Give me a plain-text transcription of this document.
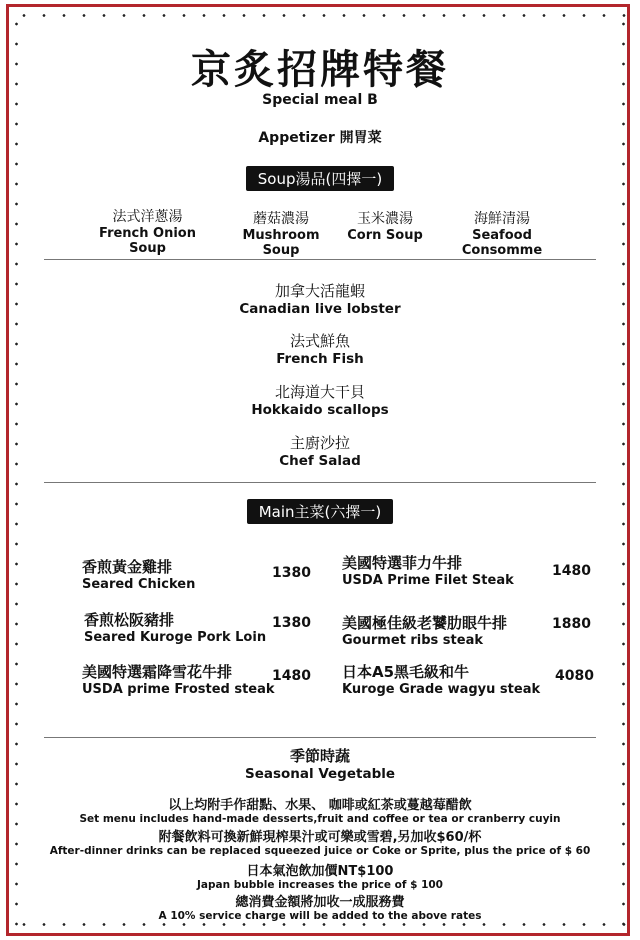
京炙招牌特餐
Special meal B
Appetizer 開胃菜
Soup湯品(四擇一)
法式洋蔥湯
French Onion Soup
蘑菇濃湯
Mushroom Soup
玉米濃湯
Corn Soup
海鮮清湯
Seafood Consomme
加拿大活龍蝦
Canadian live lobster
法式鮮魚
French Fish
北海道大干貝
Hokkaido scallops
主廚沙拉
Chef Salad
Main主菜(六擇一)
香煎黃金雞排
Seared Chicken
1380
香煎松阪豬排
Seared Kuroge Pork Loin
1380
美國特選霜降雪花牛排
USDA prime Frosted steak
1480
美國特選菲力牛排
USDA Prime Filet Steak
1480
美國極佳級老饕肋眼牛排
Gourmet ribs steak
1880
日本A5黑毛級和牛
Kuroge Grade wagyu steak
4080
季節時蔬
Seasonal Vegetable
以上均附手作甜點、水果、 咖啡或紅茶或蔓越莓醋飲
Set menu includes hand-made desserts,fruit and coffee or tea or cranberry cuyin
附餐飲料可換新鮮現榨果汁或可樂或雪碧,另加收$60/杯
After-dinner drinks can be replaced squeezed juice or Coke or Sprite, plus the price of $ 60
日本氣泡飲加價NT$100
Japan bubble increases the price of $ 100
總消費金額將加收一成服務費
A 10% service charge will be added to the above rates
